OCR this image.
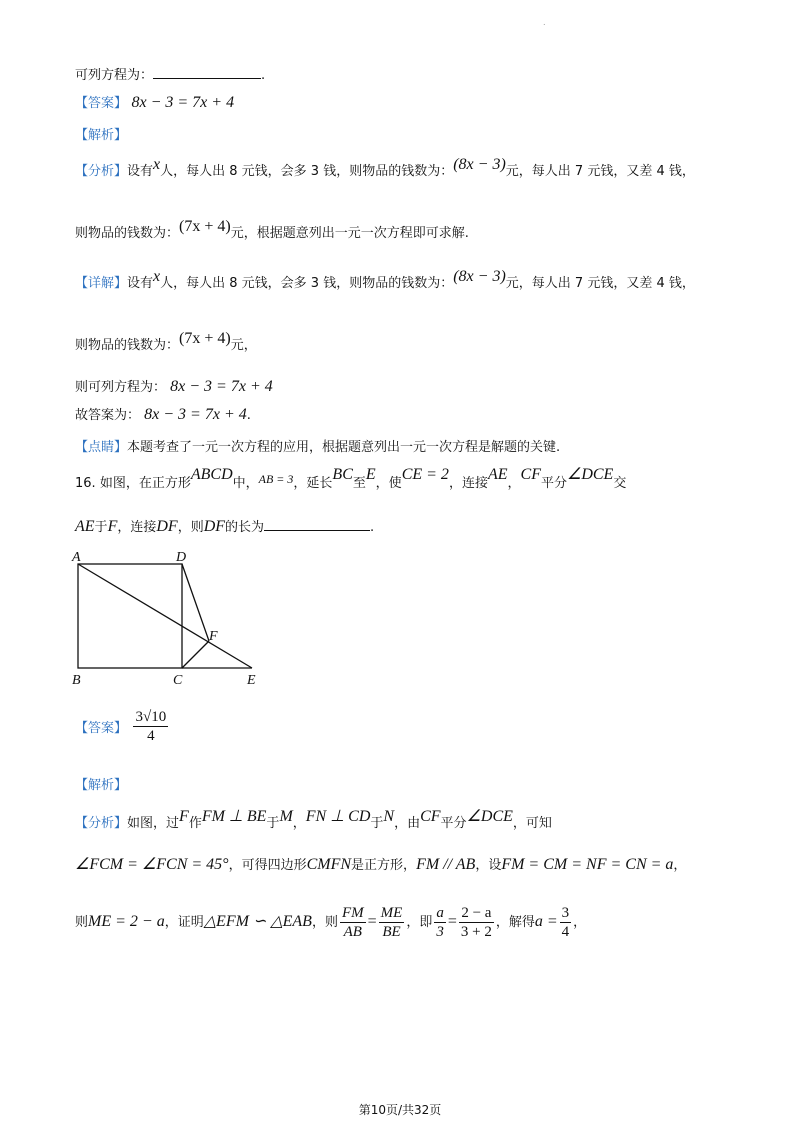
.
可列方程为：	.
【答案】 8x − 3 = 7x + 4
【解析】
【分析】设有x人，每人出 8 元钱，会多 3 钱，则物品的钱数为：(8x − 3)元，每人出 7 元钱，又差 4 钱，
则物品的钱数为：(7x + 4)元，根据题意列出一元一次方程即可求解.
【详解】设有x人，每人出 8 元钱，会多 3 钱，则物品的钱数为：(8x − 3)元，每人出 7 元钱，又差 4 钱，
则物品的钱数为：(7x + 4)元，
则可列方程为： 8x − 3 = 7x + 4
故答案为： 8x − 3 = 7x + 4.
【点睛】本题考查了一元一次方程的应用，根据题意列出一元一次方程是解题的关键.
16. 如图，在正方形ABCD中，AB = 3，延长BC至E，使CE = 2，连接AE，CF平分∠DCE交
AE于F，连接DF，则DF的长为	.
A	D
B	C	E
F
【答案】 $\frac{3√10}{4}$
【解析】
【分析】如图，过F作FM ⊥ BE于M，FN ⊥ CD于N，由CF平分∠DCE，可知
∠FCM = ∠FCN = 45°，可得四边形CMFN是正方形，FM // AB，设FM = CM = NF = CN = a，
则ME = 2 − a，证明△EFM ∽ △EAB，则 $\frac{FM}{AB} = \frac{ME}{BE}$ ，即 $\frac{a}{3} = \frac{2 - a}{3 + 2}$ ，解得$a = \frac{3}{4}$ ，
第10页/共32页
